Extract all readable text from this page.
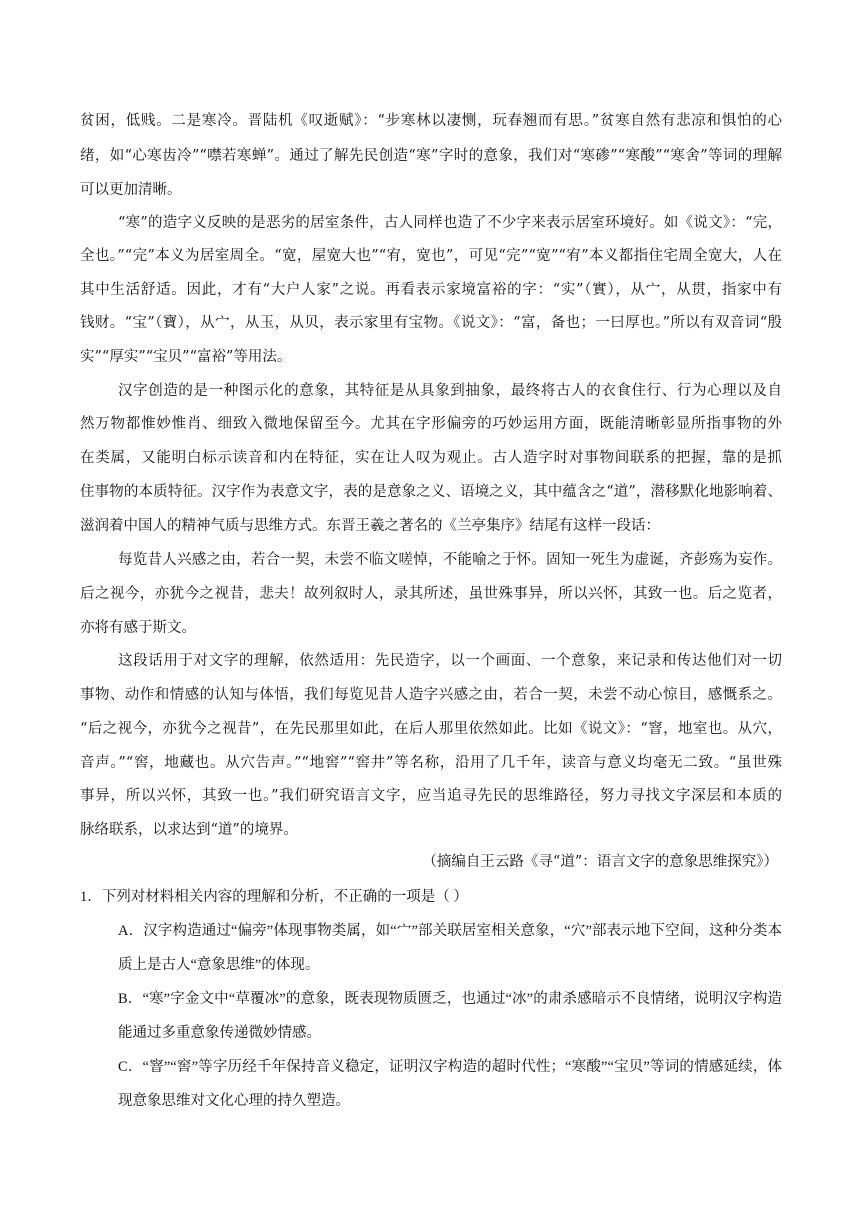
贫困，低贱。二是寒冷。晋陆机《叹逝赋》：“步寒林以凄恻，玩春翘而有思。”贫寒自然有悲凉和惧怕的心
绪，如“心寒齿冷”“噤若寒蝉”。通过了解先民创造“寒”字时的意象，我们对“寒碜”“寒酸”“寒舍”等词的理解
可以更加清晰。
“寒”的造字义反映的是恶劣的居室条件，古人同样也造了不少字来表示居室环境好。如《说文》：“完，
全也。”“完”本义为居室周全。“宽，屋宽大也”“宥，宽也”，可见“完”“宽”“宥”本义都指住宅周全宽大，人在
其中生活舒适。因此，才有“大户人家”之说。再看表示家境富裕的字：“实”（實），从宀，从贯，指家中有
钱财。“宝”（寶），从宀，从玉，从贝，表示家里有宝物。《说文》：“富，备也；一曰厚也。”所以有双音词“殷
实”“厚实”“宝贝”“富裕”等用法。
汉字创造的是一种图示化的意象，其特征是从具象到抽象，最终将古人的衣食住行、行为心理以及自
然万物都惟妙惟肖、细致入微地保留至今。尤其在字形偏旁的巧妙运用方面，既能清晰彰显所指事物的外
在类属，又能明白标示读音和内在特征，实在让人叹为观止。古人造字时对事物间联系的把握，靠的是抓
住事物的本质特征。汉字作为表意文字，表的是意象之义、语境之义，其中蕴含之“道”，潜移默化地影响着、
滋润着中国人的精神气质与思维方式。东晋王羲之著名的《兰亭集序》结尾有这样一段话：
每览昔人兴感之由，若合一契，未尝不临文嗟悼，不能喻之于怀。固知一死生为虚诞，齐彭殇为妄作。
后之视今，亦犹今之视昔，悲夫！故列叙时人，录其所述，虽世殊事异，所以兴怀，其致一也。后之览者，
亦将有感于斯文。
这段话用于对文字的理解，依然适用：先民造字，以一个画面、一个意象，来记录和传达他们对一切
事物、动作和情感的认知与体悟，我们每览见昔人造字兴感之由，若合一契，未尝不动心惊目，感慨系之。
“后之视今，亦犹今之视昔”，在先民那里如此，在后人那里依然如此。比如《说文》：“窨，地室也。从穴，
音声。”“窖，地藏也。从穴告声。”“地窖”“窖井”等名称，沿用了几千年，读音与意义均毫无二致。“虽世殊
事异，所以兴怀，其致一也。”我们研究语言文字，应当追寻先民的思维路径，努力寻找文字深层和本质的
脉络联系，以求达到“道”的境界。
（摘编自王云路《寻“道”：语言文字的意象思维探究》）
1．下列对材料相关内容的理解和分析，不正确的一项是（ ）
A．汉字构造通过“偏旁”体现事物类属，如“宀”部关联居室相关意象，“穴”部表示地下空间，这种分类本
质上是古人“意象思维”的体现。
B．“寒”字金文中“草覆冰”的意象，既表现物质匮乏，也通过“冰”的肃杀感暗示不良情绪，说明汉字构造
能通过多重意象传递微妙情感。
C．“窨”“窖”等字历经千年保持音义稳定，证明汉字构造的超时代性；“寒酸”“宝贝”等词的情感延续，体
现意象思维对文化心理的持久塑造。
